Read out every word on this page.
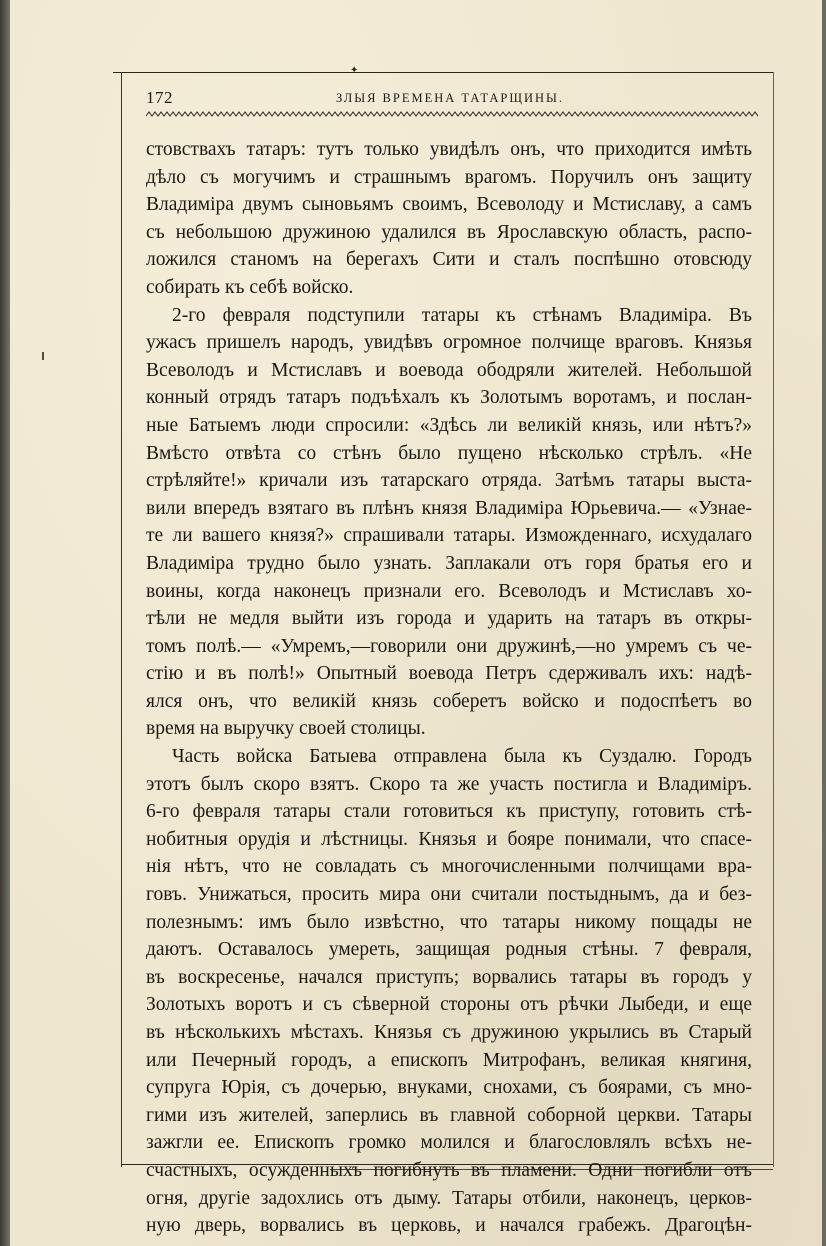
✦
172	ЗЛЫЯ ВРЕМЕНА ТАТАРЩИНЫ.
стовствахъ татаръ: тутъ только увидѣлъ онъ, что приходится имѣть
дѣло съ могучимъ и страшнымъ врагомъ. Поручилъ онъ защиту
Владиміра двумъ сыновьямъ своимъ, Всеволоду и Мстиславу, а самъ
съ небольшою дружиною удалился въ Ярославскую область, распо-
ложился станомъ на берегахъ Сити и сталъ поспѣшно отовсюду
собирать къ себѣ войско.
2-го февраля подступили татары къ стѣнамъ Владиміра. Въ
ужасъ пришелъ народъ, увидѣвъ огромное полчище враговъ. Князья
Всеволодъ и Мстиславъ и воевода ободряли жителей. Небольшой
конный отрядъ татаръ подъѣхалъ къ Золотымъ воротамъ, и послан-
ные Батыемъ люди спросили: «Здѣсь ли великій князь, или нѣтъ?»
Вмѣсто отвѣта со стѣнъ было пущено нѣсколько стрѣлъ. «Не
стрѣляйте!» кричали изъ татарскаго отряда. Затѣмъ татары выста-
вили впередъ взятаго въ плѣнъ князя Владиміра Юрьевича.— «Узнае-
те ли вашего князя?» спрашивали татары. Изможденнаго, исхудалаго
Владиміра трудно было узнать. Заплакали отъ горя братья его и
воины, когда наконецъ признали его. Всеволодъ и Мстиславъ хо-
тѣли не медля выйти изъ города и ударить на татаръ въ откры-
томъ полѣ.— «Умремъ,—говорили они дружинѣ,—но умремъ съ че-
стію и въ полѣ!» Опытный воевода Петръ сдерживалъ ихъ: надѣ-
ялся онъ, что великій князь соберетъ войско и подоспѣетъ во
время на выручку своей столицы.
Часть войска Батыева отправлена была къ Суздалю. Городъ
этотъ былъ скоро взятъ. Скоро та же участь постигла и Владиміръ.
6-го февраля татары стали готовиться къ приступу, готовить стѣ-
нобитныя орудія и лѣстницы. Князья и бояре понимали, что спасе-
нія нѣтъ, что не совладать съ многочисленными полчищами вра-
говъ. Унижаться, просить мира они считали постыднымъ, да и без-
полезнымъ: имъ было извѣстно, что татары никому пощады не
даютъ. Оставалось умереть, защищая родныя стѣны. 7 февраля,
въ воскресенье, начался приступъ; ворвались татары въ городъ у
Золотыхъ воротъ и съ сѣверной стороны отъ рѣчки Лыбеди, и еще
въ нѣсколькихъ мѣстахъ. Князья съ дружиною укрылись въ Старый
или Печерный городъ, а епископъ Митрофанъ, великая княгиня,
супруга Юрія, съ дочерью, внуками, снохами, съ боярами, съ мно-
гими изъ жителей, заперлись въ главной соборной церкви. Татары
зажгли ее. Епископъ громко молился и благословлялъ всѣхъ не-
счастныхъ, осужденныхъ погибнуть въ пламени. Одни погибли отъ
огня, другіе задохлись отъ дыму. Татары отбили, наконецъ, церков-
ную дверь, ворвались въ церковь, и начался грабежъ. Драгоцѣн-
